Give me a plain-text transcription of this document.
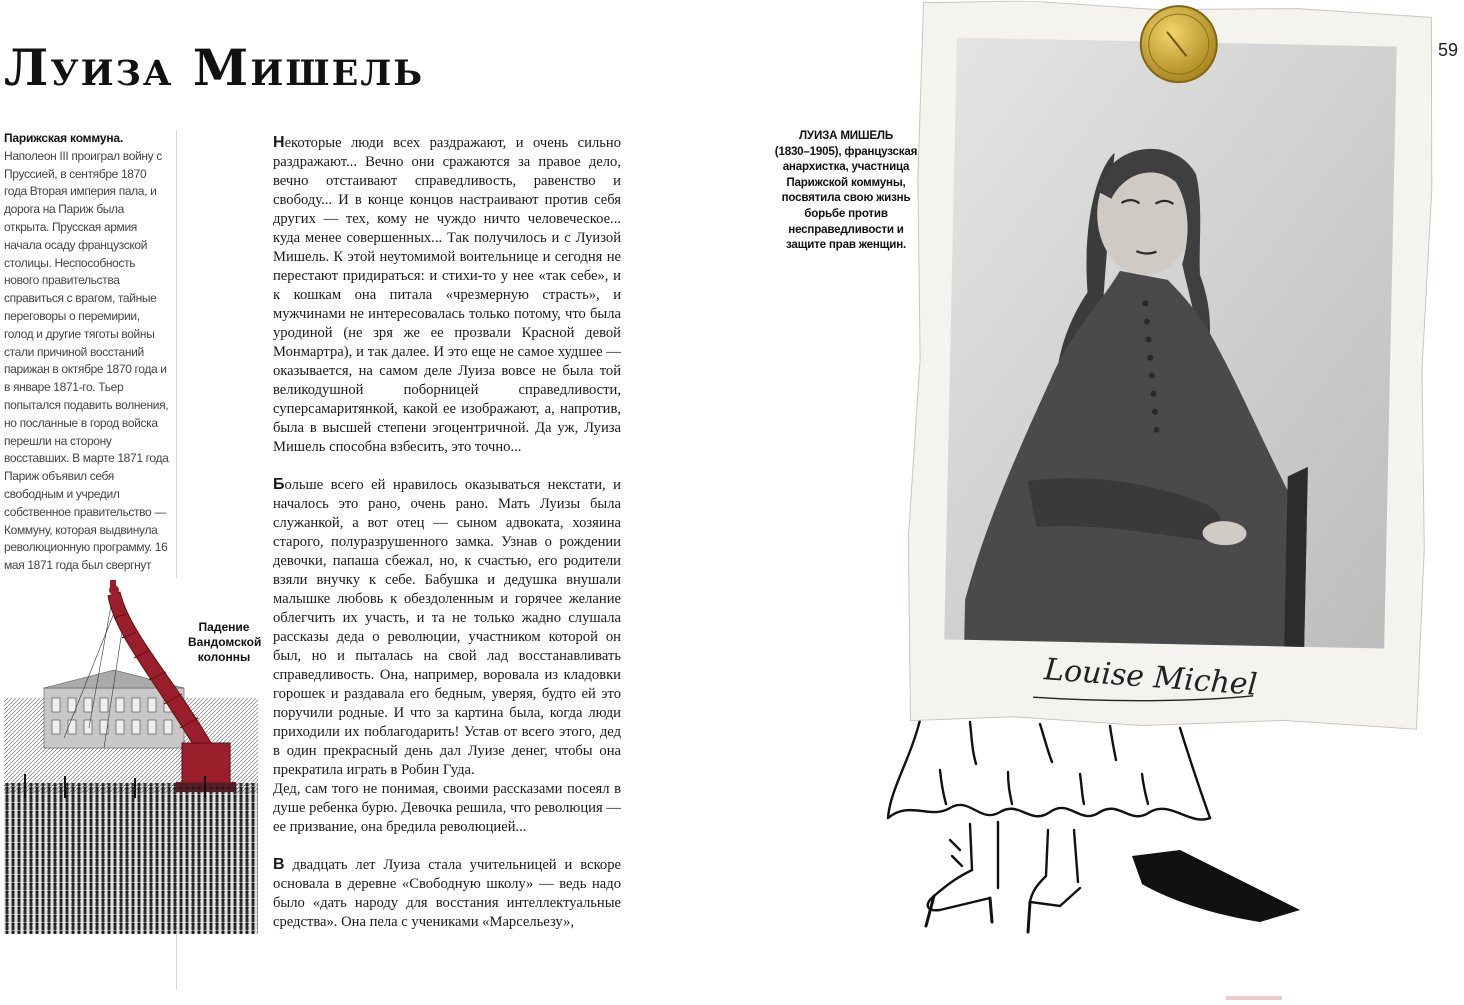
Луиза Мишель	59
Парижская коммуна.
Наполеон III проиграл войну с Пруссией, в сентябре 1870 года Вторая империя пала, и дорога на Париж была открыта. Прусская армия начала осаду французской столицы. Неспособность нового правительства справиться с врагом, тайные переговоры о перемирии, голод и другие тяготы войны стали причиной восстаний парижан в октябре 1870 года и в январе 1871-го. Тьер попытался подавить волнения, но посланные в город войска перешли на сторону восставших. В марте 1871 года Париж объявил себя свободным и учредил собственное правительство — Коммуну, которая выдвинула революционную программу. 16 мая 1871 года был свергнут
Падение Вандомской колонны

Некоторые люди всех раздражают, и очень сильно раздражают... Вечно они сражаются за правое дело, вечно отстаивают справедливость, равенство и свободу... И в конце концов настраивают против себя других — тех, кому не чуждо ничто человеческое... куда менее совершенных... Так получилось и с Луизой Мишель. К этой неутомимой воительнице и сегодня не перестают придираться: и стихи-то у нее «так себе», и к кошкам она питала «чрезмерную страсть», и мужчинами не интересовалась только потому, что была уродиной (не зря же ее прозвали Красной девой Монмартра), и так далее. И это еще не самое худшее — оказывается, на самом деле Луиза вовсе не была той великодушной поборницей справедливости, суперсамаритянкой, какой ее изображают, а, напротив, была в высшей степени эгоцентричной. Да уж, Луиза Мишель способна взбесить, это точно...

Больше всего ей нравилось оказываться некстати, и началось это рано, очень рано. Мать Луизы была служанкой, а вот отец — сыном адвоката, хозяина старого, полуразрушенного замка. Узнав о рождении девочки, папаша сбежал, но, к счастью, его родители взяли внучку к себе. Бабушка и дедушка внушали малышке любовь к обездоленным и горячее желание облегчить их участь, и та не только жадно слушала рассказы деда о революции, участником которой он был, но и пыталась на свой лад восстанавливать справедливость. Она, например, воровала из кладовки горошек и раздавала его бедным, уверяя, будто ей это поручили родные. И что за картина была, когда люди приходили их поблагодарить! Устав от всего этого, дед в один прекрасный день дал Луизе денег, чтобы она прекратила играть в Робин Гуда.

Дед, сам того не понимая, своими рассказами посеял в душе ребенка бурю. Девочка решила, что революция — ее призвание, она бредила революцией...

В двадцать лет Луиза стала учительницей и вскоре основала в деревне «Свободную школу» — ведь надо было «дать народу для восстания интеллектуальные средства». Она пела с учениками «Марсельезу»,

ЛУИЗА МИШЕЛЬ
(1830–1905), французская анархистка, участница Парижской коммуны, посвятила свою жизнь борьбе против несправедливости и защите прав женщин.
Louise Michel
